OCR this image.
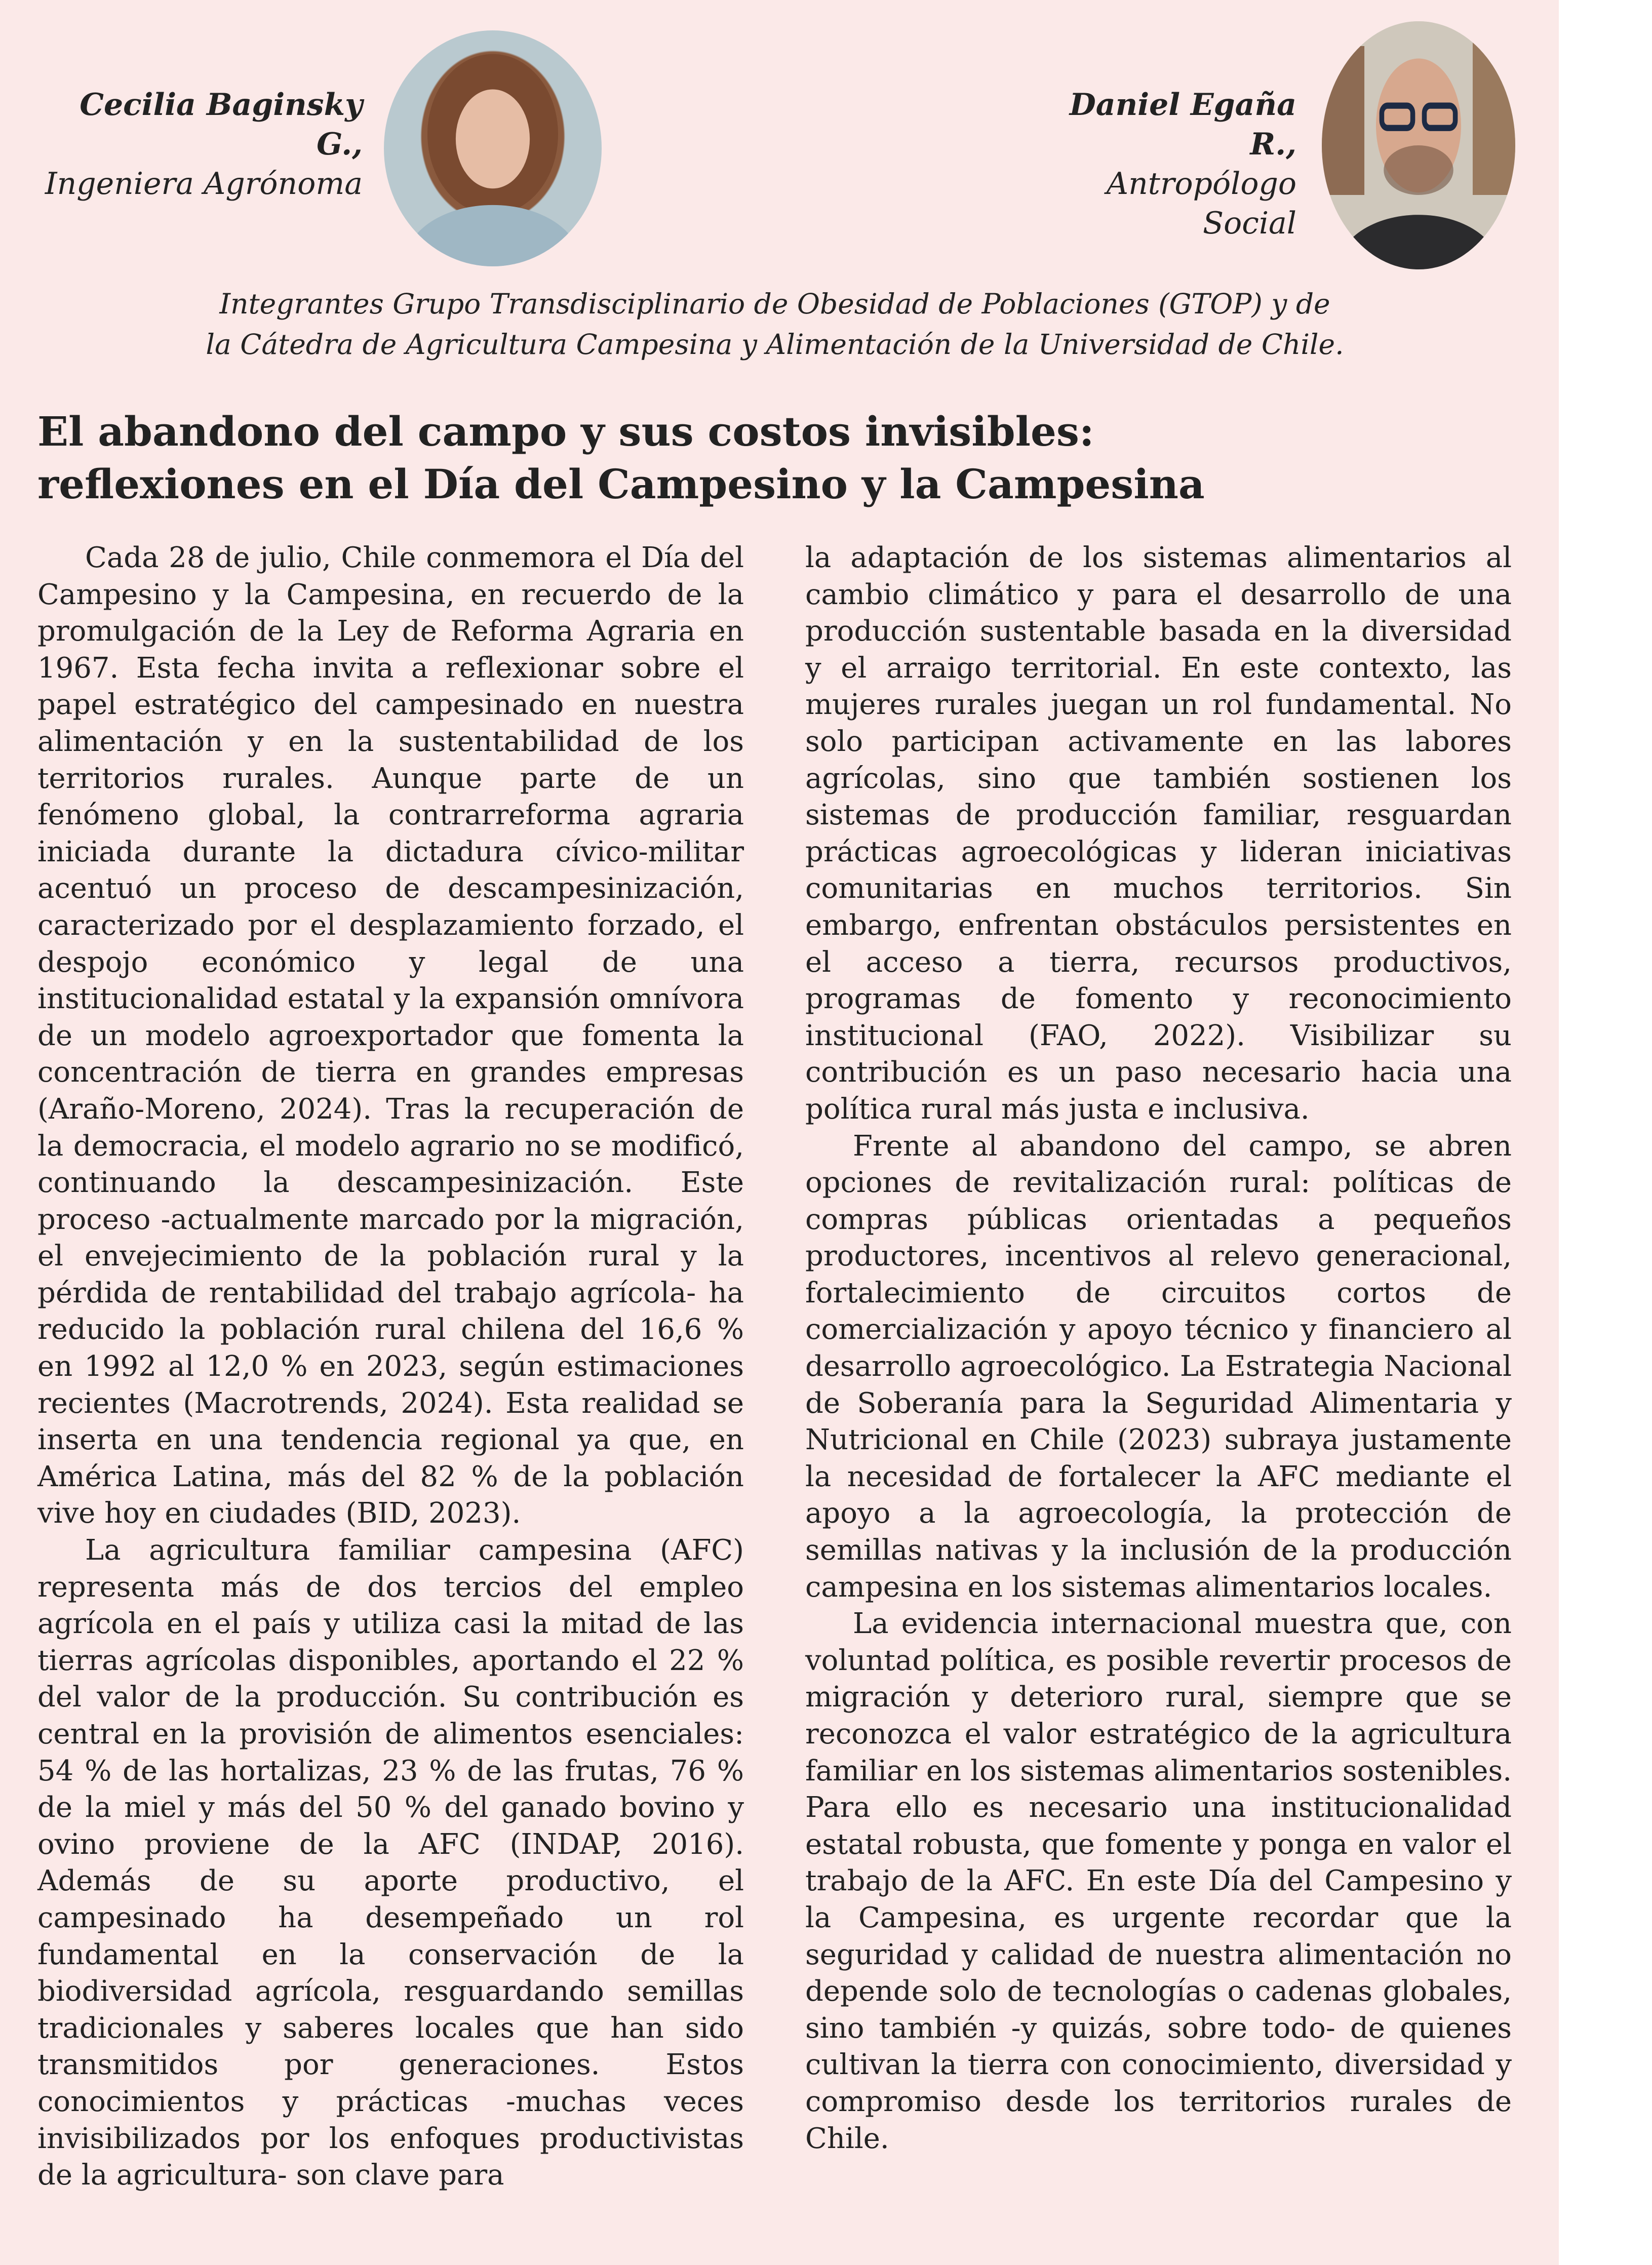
Cecilia Baginsky G.,
Ingeniera Agrónoma
Daniel Egaña R.,
Antropólogo Social
Integrantes Grupo Transdisciplinario de Obesidad de Poblaciones (GTOP) y de
la Cátedra de Agricultura Campesina y Alimentación de la Universidad de Chile.
El abandono del campo y sus costos invisibles:
reflexiones en el Día del Campesino y la Campesina

Cada 28 de julio, Chile conmemora el Día del Campesino y la Campesina, en recuerdo de la promulgación de la Ley de Reforma Agraria en 1967. Esta fecha invita a reflexionar sobre el papel estratégico del campesinado en nuestra alimentación y en la sustentabilidad de los territorios rurales. Aunque parte de un fenómeno global, la contrarreforma agraria iniciada durante la dictadura cívico-militar acentuó un proceso de descampesinización, caracterizado por el desplazamiento forzado, el despojo económico y legal de una institucionalidad estatal y la expansión omnívora de un modelo agroexportador que fomenta la concentración de tierra en grandes empresas (Araño-Moreno, 2024). Tras la recuperación de la democracia, el modelo agrario no se modificó, continuando la descampesinización. Este proceso -actualmente marcado por la migración, el envejecimiento de la población rural y la pérdida de rentabilidad del trabajo agrícola- ha reducido la población rural chilena del 16,6 % en 1992 al 12,0 % en 2023, según estimaciones recientes (Macrotrends, 2024). Esta realidad se inserta en una tendencia regional ya que, en América Latina, más del 82 % de la población vive hoy en ciudades (BID, 2023).

La agricultura familiar campesina (AFC) representa más de dos tercios del empleo agrícola en el país y utiliza casi la mitad de las tierras agrícolas disponibles, aportando el 22 % del valor de la producción. Su contribución es central en la provisión de alimentos esenciales: 54 % de las hortalizas, 23 % de las frutas, 76 % de la miel y más del 50 % del ganado bovino y ovino proviene de la AFC (INDAP, 2016). Además de su aporte productivo, el campesinado ha desempeñado un rol fundamental en la conservación de la biodiversidad agrícola, resguardando semillas tradicionales y saberes locales que han sido transmitidos por generaciones. Estos conocimientos y prácticas -muchas veces invisibilizados por los enfoques productivistas de la agricultura- son clave para

la adaptación de los sistemas alimentarios al cambio climático y para el desarrollo de una producción sustentable basada en la diversidad y el arraigo territorial. En este contexto, las mujeres rurales juegan un rol fundamental. No solo participan activamente en las labores agrícolas, sino que también sostienen los sistemas de producción familiar, resguardan prácticas agroecológicas y lideran iniciativas comunitarias en muchos territorios. Sin embargo, enfrentan obstáculos persistentes en el acceso a tierra, recursos productivos, programas de fomento y reconocimiento institucional (FAO, 2022). Visibilizar su contribución es un paso necesario hacia una política rural más justa e inclusiva.

Frente al abandono del campo, se abren opciones de revitalización rural: políticas de compras públicas orientadas a pequeños productores, incentivos al relevo generacional, fortalecimiento de circuitos cortos de comercialización y apoyo técnico y financiero al desarrollo agroecológico. La Estrategia Nacional de Soberanía para la Seguridad Alimentaria y Nutricional en Chile (2023) subraya justamente la necesidad de fortalecer la AFC mediante el apoyo a la agroecología, la protección de semillas nativas y la inclusión de la producción campesina en los sistemas alimentarios locales.

La evidencia internacional muestra que, con voluntad política, es posible revertir procesos de migración y deterioro rural, siempre que se reconozca el valor estratégico de la agricultura familiar en los sistemas alimentarios sostenibles. Para ello es necesario una institucionalidad estatal robusta, que fomente y ponga en valor el trabajo de la AFC. En este Día del Campesino y la Campesina, es urgente recordar que la seguridad y calidad de nuestra alimentación no depende solo de tecnologías o cadenas globales, sino también -y quizás, sobre todo- de quienes cultivan la tierra con conocimiento, diversidad y compromiso desde los territorios rurales de Chile.
